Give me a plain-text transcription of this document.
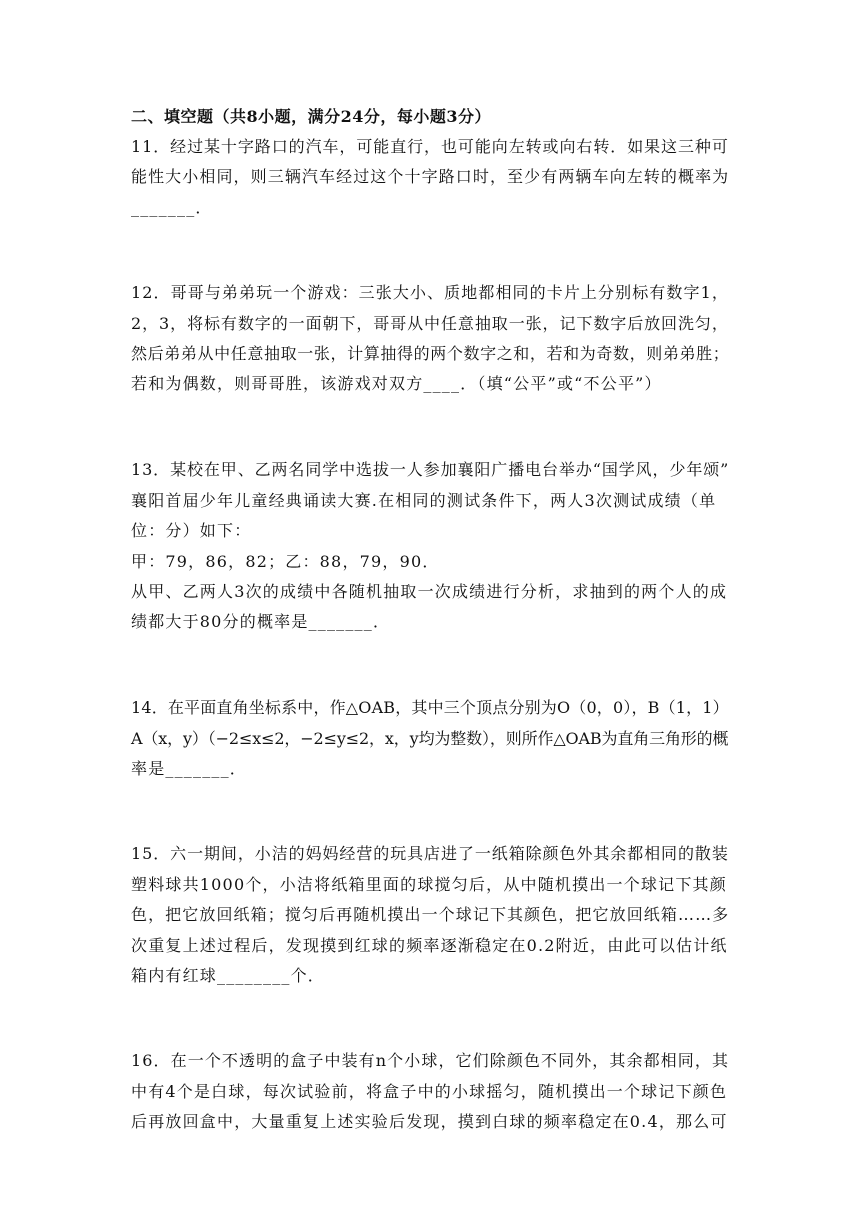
二、填空题（共8小题，满分24分，每小题3分）
11．经过某十字路口的汽车，可能直行，也可能向左转或向右转．如果这三种可
能性大小相同，则三辆汽车经过这个十字路口时，至少有两辆车向左转的概率为
_______．
12．哥哥与弟弟玩一个游戏：三张大小、质地都相同的卡片上分别标有数字1，
2，3，将标有数字的一面朝下，哥哥从中任意抽取一张，记下数字后放回洗匀，
然后弟弟从中任意抽取一张，计算抽得的两个数字之和，若和为奇数，则弟弟胜；
若和为偶数，则哥哥胜，该游戏对双方____．（填“公平”或“不公平”）
13．某校在甲、乙两名同学中选拔一人参加襄阳广播电台举办“国学风，少年颂”
襄阳首届少年儿童经典诵读大赛.在相同的测试条件下，两人3次测试成绩（单
位：分）如下：
甲：79，86，82；乙：88，79，90．
从甲、乙两人3次的成绩中各随机抽取一次成绩进行分析，求抽到的两个人的成
绩都大于80分的概率是_______．
14．在平面直角坐标系中，作△OAB，其中三个顶点分别为O（0，0），B（1，1）
A（x，y）（−2≤x≤2，−2≤y≤2，x，y均为整数），则所作△OAB为直角三角形的概
率是_______．
15．六一期间，小洁的妈妈经营的玩具店进了一纸箱除颜色外其余都相同的散装
塑料球共1000个，小洁将纸箱里面的球搅匀后，从中随机摸出一个球记下其颜
色，把它放回纸箱；搅匀后再随机摸出一个球记下其颜色，把它放回纸箱……多
次重复上述过程后，发现摸到红球的频率逐渐稳定在0.2附近，由此可以估计纸
箱内有红球________个．
16．在一个不透明的盒子中装有n个小球，它们除颜色不同外，其余都相同，其
中有4个是白球，每次试验前，将盒子中的小球摇匀，随机摸出一个球记下颜色
后再放回盒中，大量重复上述实验后发现，摸到白球的频率稳定在0.4，那么可
